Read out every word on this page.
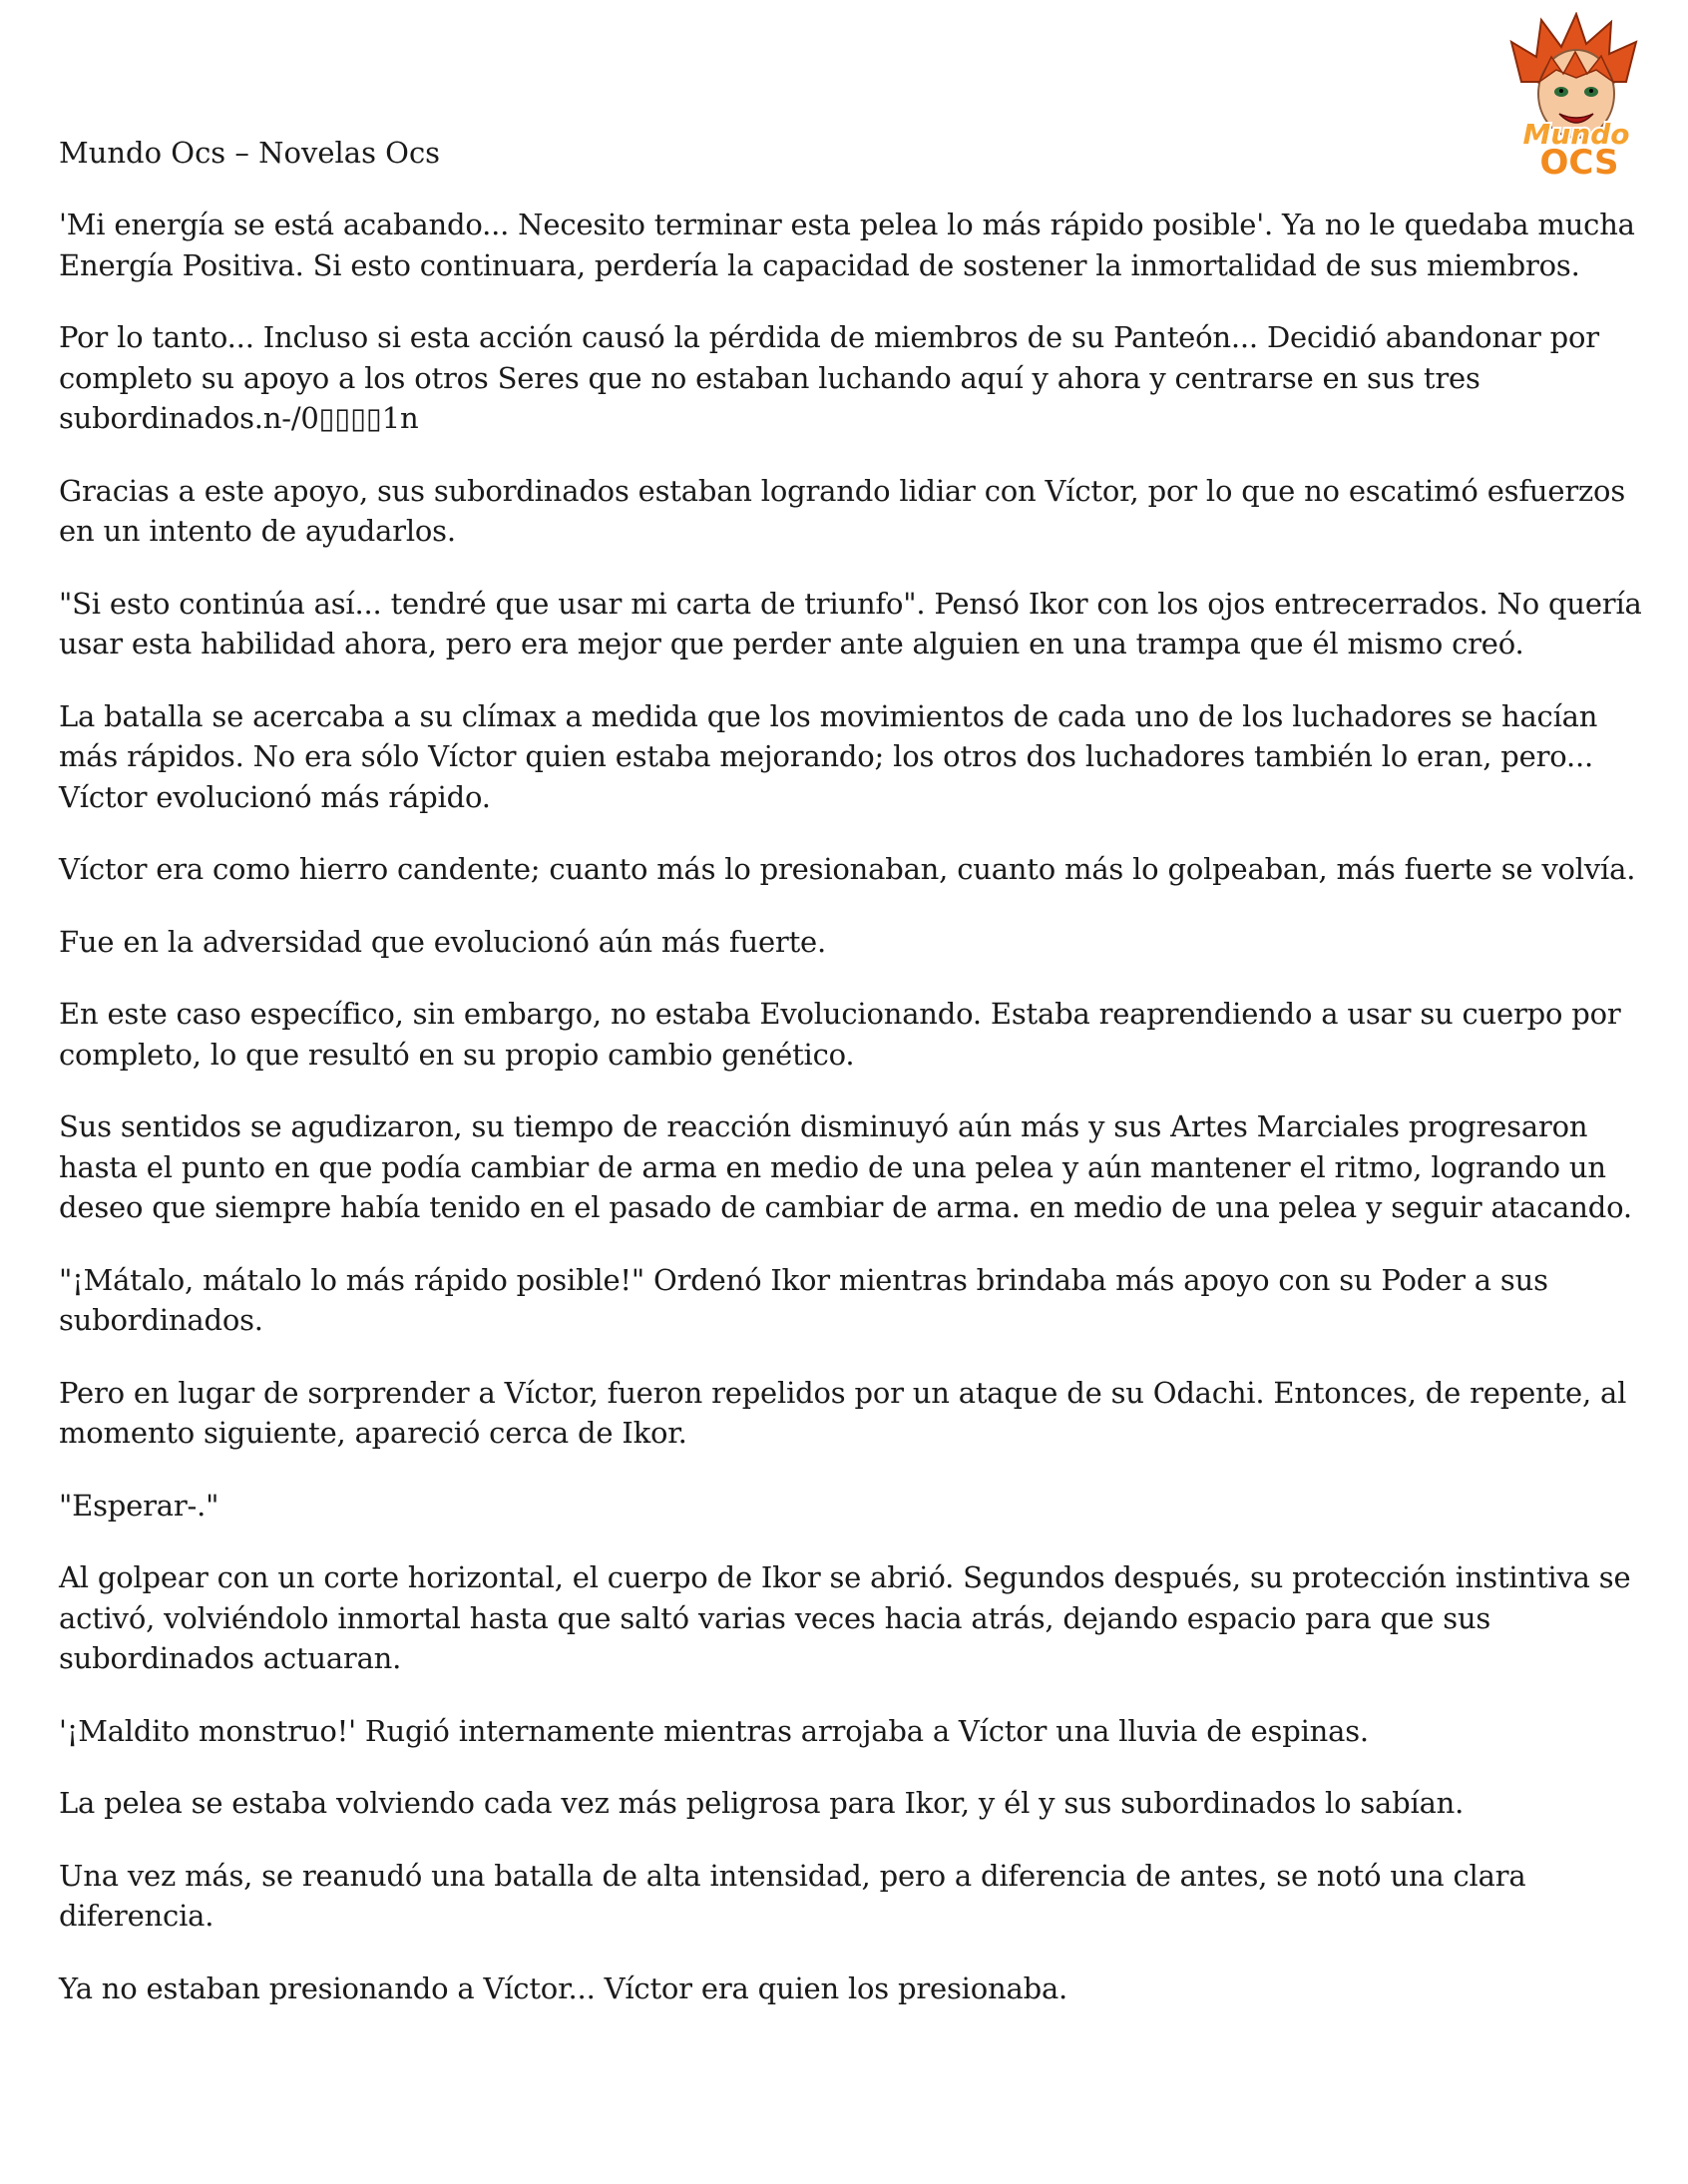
Mundo
OCS
Mundo Ocs – Novelas Ocs

'Mi energía se está acabando... Necesito terminar esta pelea lo más rápido posible'. Ya no le quedaba mucha Energía Positiva. Si esto continuara, perdería la capacidad de sostener la inmortalidad de sus miembros.

Por lo tanto... Incluso si esta acción causó la pérdida de miembros de su Panteón... Decidió abandonar por completo su apoyo a los otros Seres que no estaban luchando aquí y ahora y centrarse en sus tres subordinados.n-/0▯▯▯▯1n

Gracias a este apoyo, sus subordinados estaban logrando lidiar con Víctor, por lo que no escatimó esfuerzos en un intento de ayudarlos.

"Si esto continúa así... tendré que usar mi carta de triunfo". Pensó Ikor con los ojos entrecerrados. No quería usar esta habilidad ahora, pero era mejor que perder ante alguien en una trampa que él mismo creó.

La batalla se acercaba a su clímax a medida que los movimientos de cada uno de los luchadores se hacían más rápidos. No era sólo Víctor quien estaba mejorando; los otros dos luchadores también lo eran, pero... Víctor evolucionó más rápido.

Víctor era como hierro candente; cuanto más lo presionaban, cuanto más lo golpeaban, más fuerte se volvía.

Fue en la adversidad que evolucionó aún más fuerte.

En este caso específico, sin embargo, no estaba Evolucionando. Estaba reaprendiendo a usar su cuerpo por completo, lo que resultó en su propio cambio genético.

Sus sentidos se agudizaron, su tiempo de reacción disminuyó aún más y sus Artes Marciales progresaron hasta el punto en que podía cambiar de arma en medio de una pelea y aún mantener el ritmo, logrando un deseo que siempre había tenido en el pasado de cambiar de arma. en medio de una pelea y seguir atacando.

"¡Mátalo, mátalo lo más rápido posible!" Ordenó Ikor mientras brindaba más apoyo con su Poder a sus subordinados.

Pero en lugar de sorprender a Víctor, fueron repelidos por un ataque de su Odachi. Entonces, de repente, al momento siguiente, apareció cerca de Ikor.

"Esperar-."

Al golpear con un corte horizontal, el cuerpo de Ikor se abrió. Segundos después, su protección instintiva se activó, volviéndolo inmortal hasta que saltó varias veces hacia atrás, dejando espacio para que sus subordinados actuaran.

'¡Maldito monstruo!' Rugió internamente mientras arrojaba a Víctor una lluvia de espinas.

La pelea se estaba volviendo cada vez más peligrosa para Ikor, y él y sus subordinados lo sabían.

Una vez más, se reanudó una batalla de alta intensidad, pero a diferencia de antes, se notó una clara diferencia.

Ya no estaban presionando a Víctor... Víctor era quien los presionaba.
